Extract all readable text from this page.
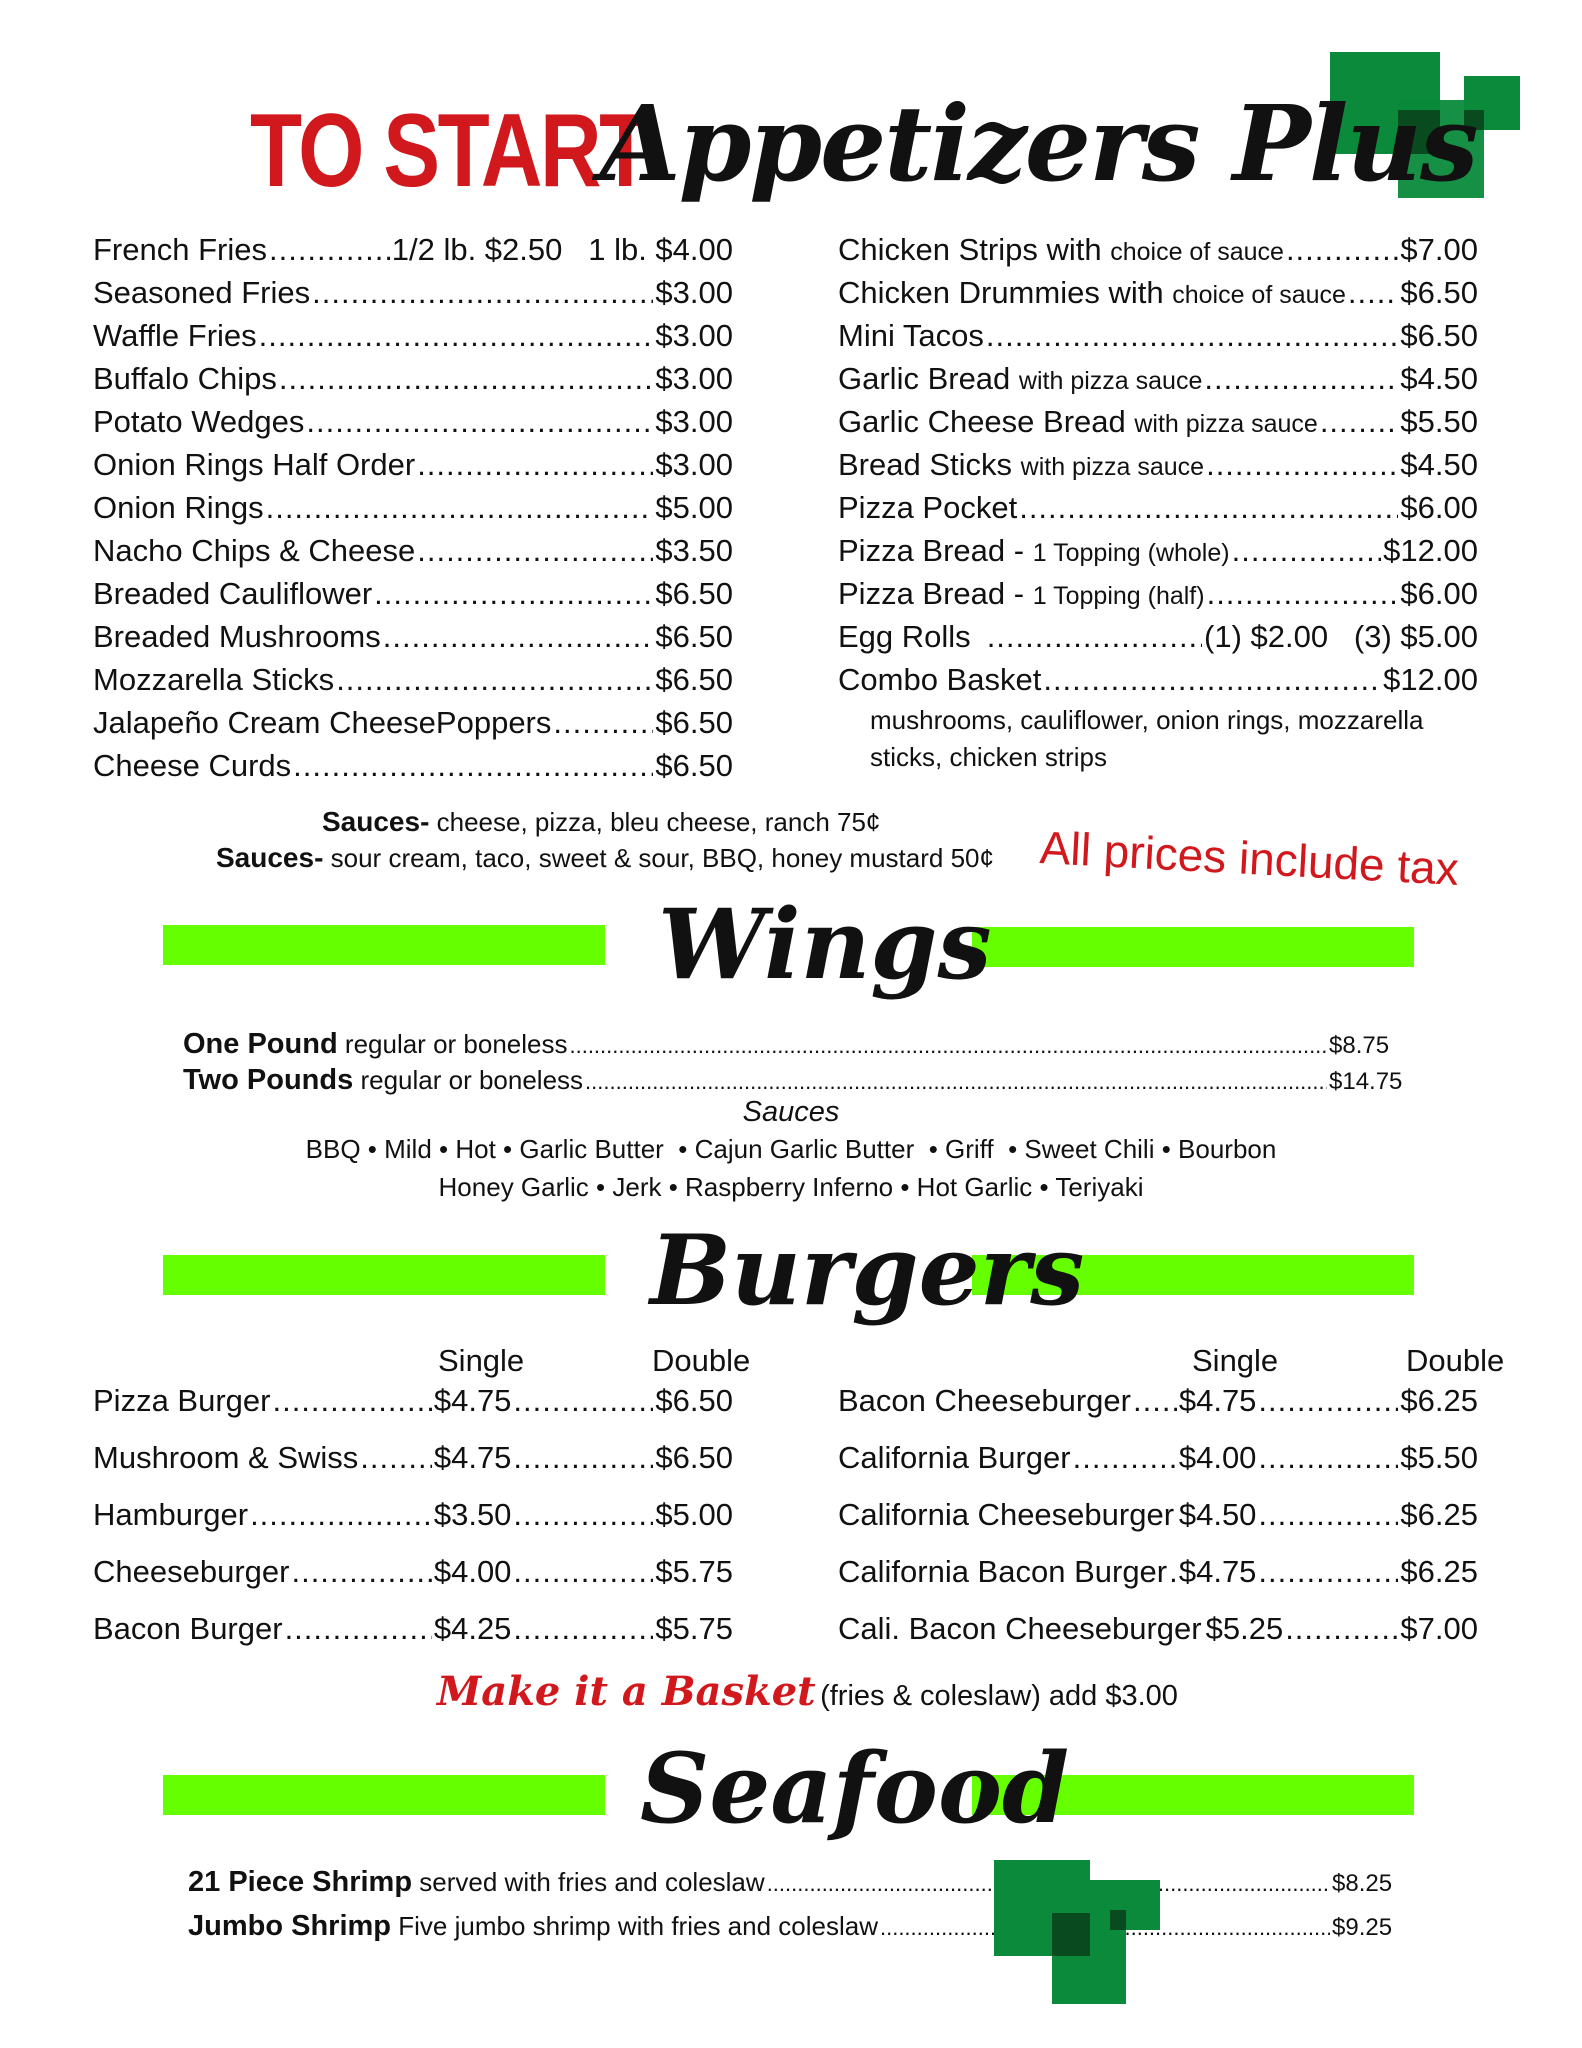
TO START
Appetizers Plus
French Fries .....	1/2 lb. $2.50   1 lb. $4.00
Seasoned Fries .....	$3.00
Waffle Fries .....	$3.00
Buffalo Chips .....	$3.00
Potato Wedges .....	$3.00
Onion Rings Half Order .....	$3.00
Onion Rings .....	$5.00
Nacho Chips & Cheese .....	$3.50
Breaded Cauliflower .....	$6.50
Breaded Mushrooms .....	$6.50
Mozzarella Sticks .....	$6.50
Jalapeño Cream CheesePoppers .....	$6.50
Cheese Curds .....	$6.50
Chicken Strips with
choice of sauce .....	$7.00
Chicken Drummies with
choice of sauce ..... $6.50
Mini Tacos .....	$6.50
Garlic Bread
with pizza sauce .....	$4.50
Garlic Cheese Bread
with pizza sauce .....	$5.50
Bread Sticks
with pizza sauce .....	$4.50
Pizza Pocket .....	$6.00
Pizza Bread -
1 Topping (whole) .....	$12.00
Pizza Bread -
1 Topping (half) .....	$6.00
Egg Rolls .....	(1) $2.00   (3) $5.00
Combo Basket .....	$12.00
mushrooms, cauliflower, onion rings, mozzarella
sticks, chicken strips
Sauces- cheese, pizza, bleu cheese, ranch 75¢
Sauces- sour cream, taco, sweet & sour, BBQ, honey mustard 50¢ All prices include tax
Wings
One Pound
regular or boneless .....	$8.75
Two Pounds
regular or boneless .....	$14.75
Sauces
BBQ • Mild • Hot • Garlic Butter  • Cajun Garlic Butter  • Griff  • Sweet Chili • Bourbon
Honey Garlic • Jerk • Raspberry Inferno • Hot Garlic • Teriyaki
Burgers
Single	Double	Single	Double
Pizza Burger .....	$4.75 .....	$6.50
Mushroom & Swiss ..... $4.75 .....	$6.50
Hamburger .....	$3.50 .....	$5.00
Cheeseburger .....	$4.00 .....	$5.75
Bacon Burger .....	$4.25 .....	$5.75
Bacon Cheeseburger ..... $4.75 .....	$6.25
California Burger .....	$4.00 .....	$5.50
California Cheeseburger ..... $4.50 .....	$6.25
California Bacon Burger ..... $4.75 .....	$6.25
Cali. Bacon Cheeseburger $5.25 .....	$7.00
Make it a Basket (fries & coleslaw) add $3.00
Seafood
21 Piece Shrimp
served with fries and coleslaw .....	$8.25
Jumbo Shrimp
Five jumbo shrimp with fries and coleslaw .....	$9.25
